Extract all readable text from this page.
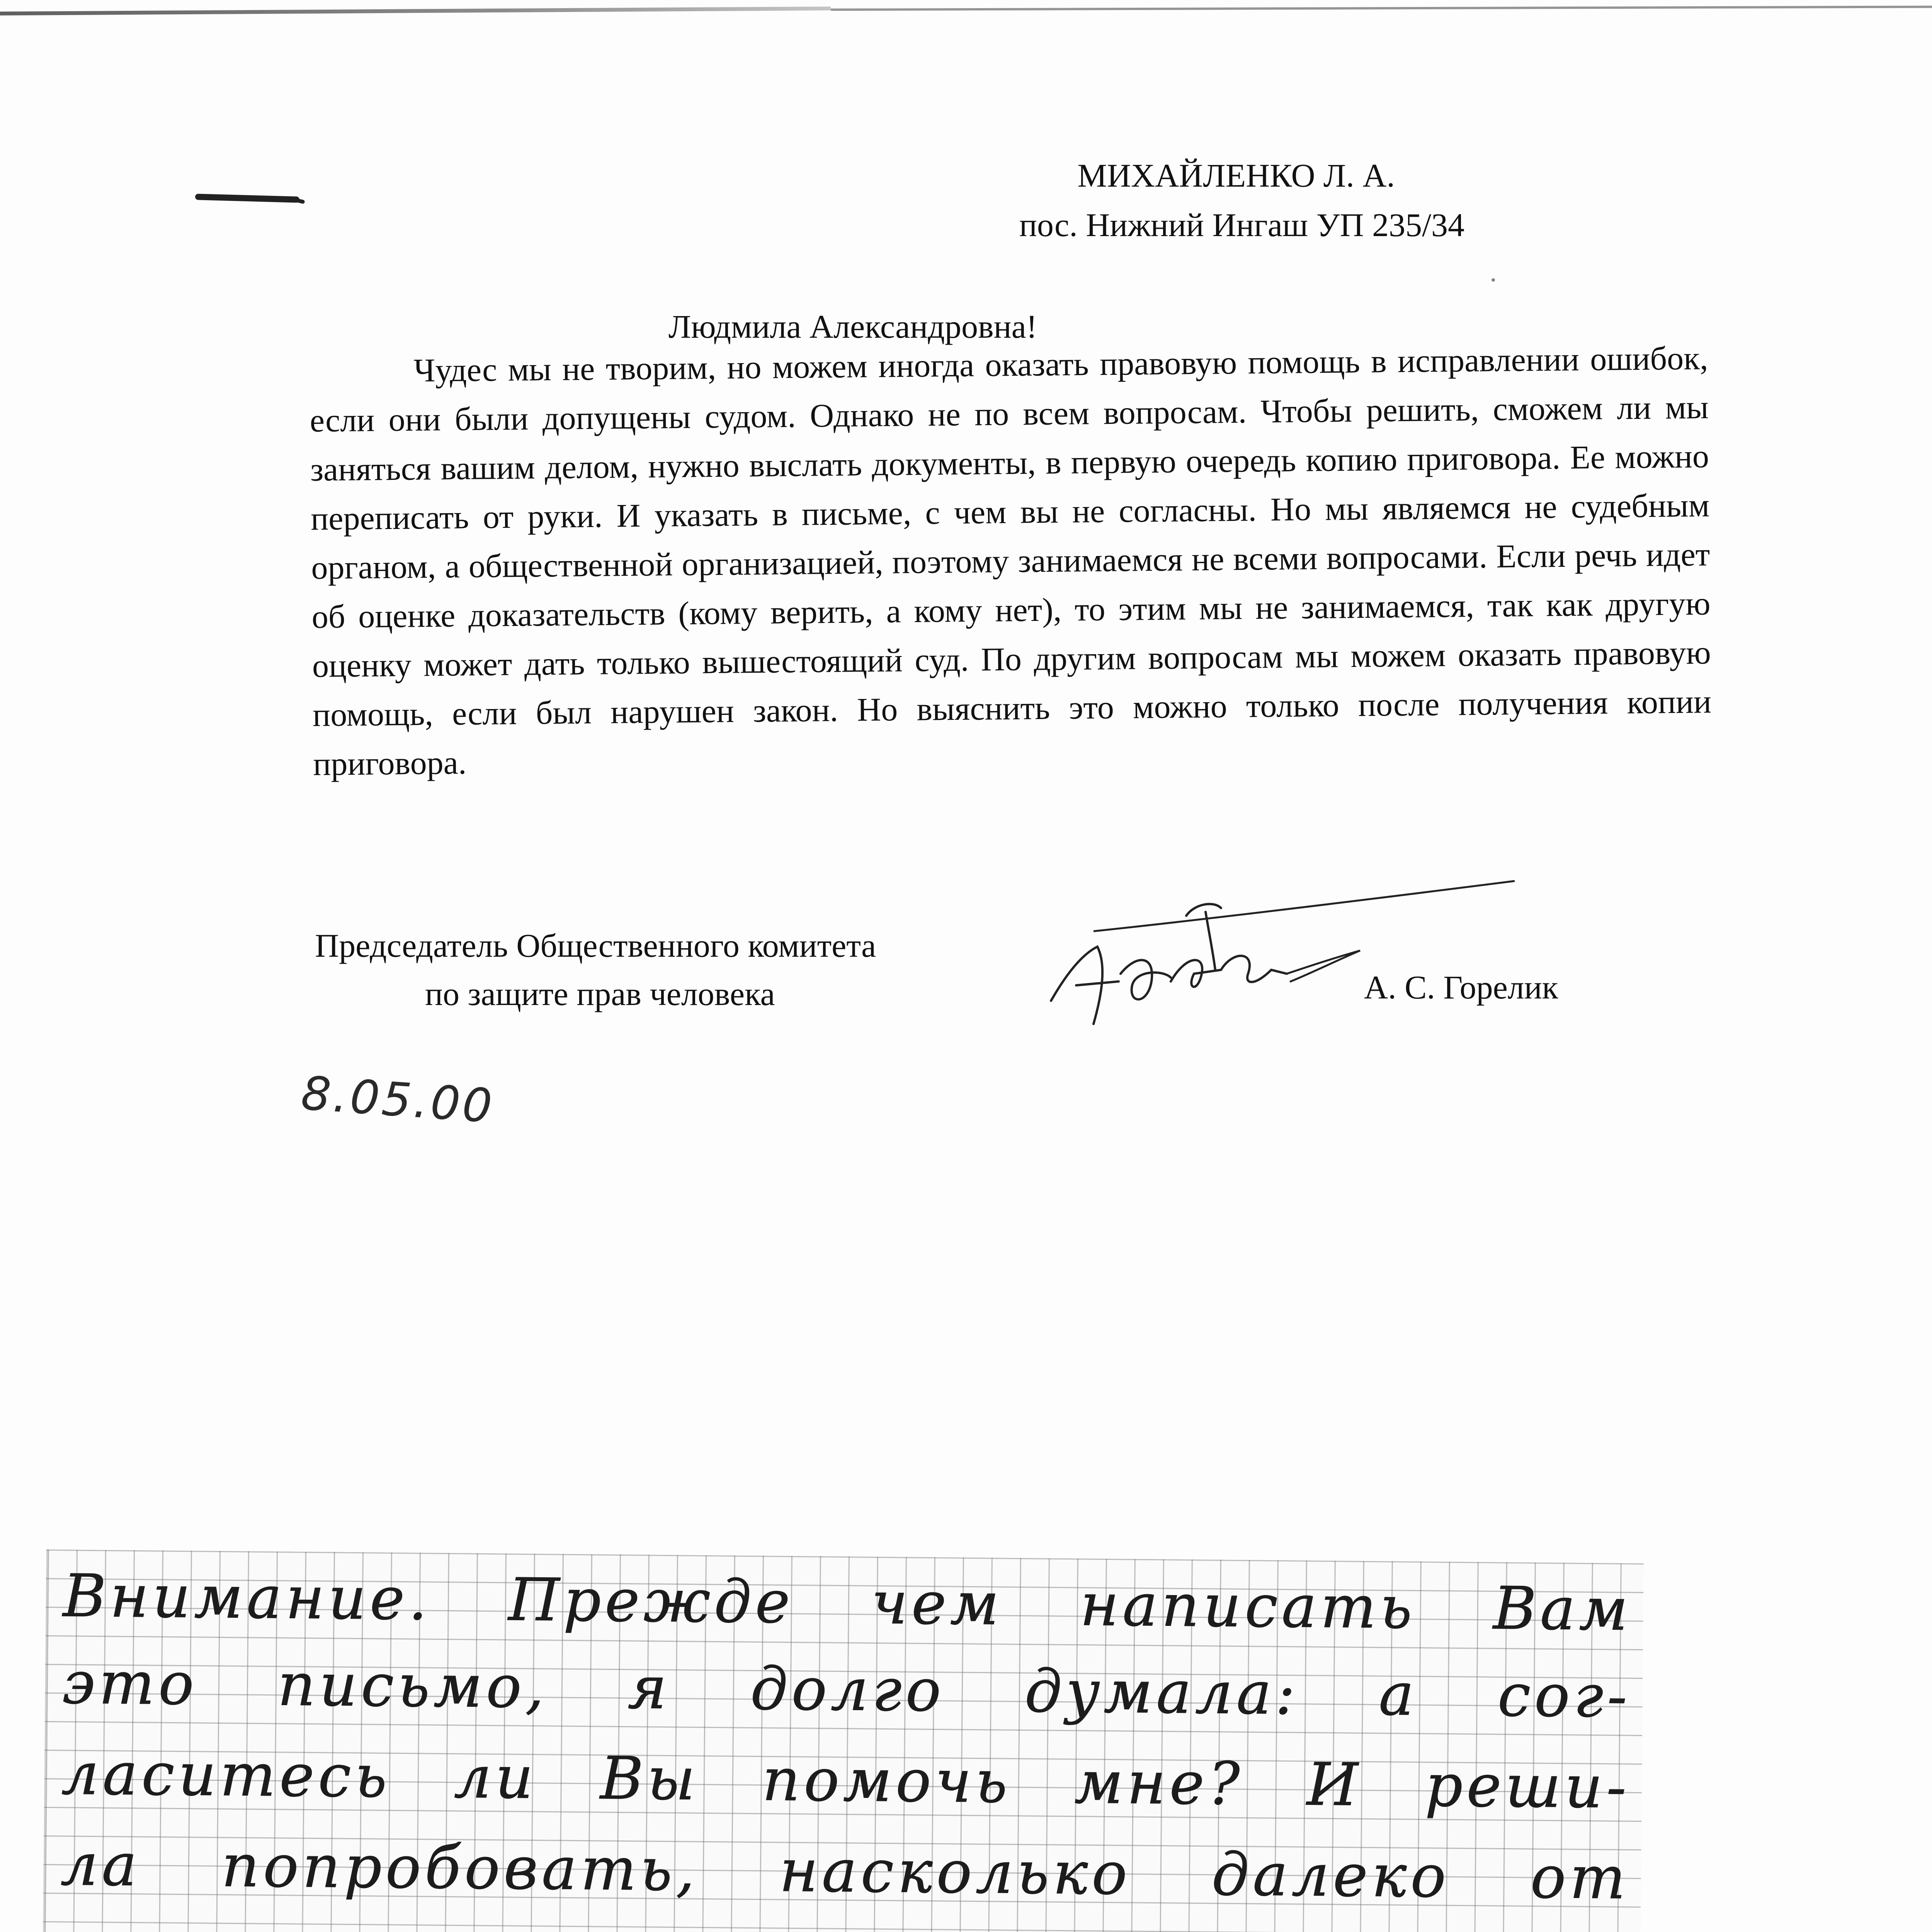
МИХАЙЛЕНКО Л. А.
пос. Нижний Ингаш УП 235/34
Людмила Александровна!
Чудес мы не творим, но можем иногда оказать правовую помощь в исправлении ошибок, если они были допущены судом. Однако не по всем вопросам. Чтобы решить, сможем ли мы заняться вашим делом, нужно выслать документы, в первую очередь копию приговора. Ее можно переписать от руки. И указать в письме, с чем вы не согласны. Но мы являемся не судебным органом, а общественной организацией, поэтому занимаемся не всеми вопросами. Если речь идет об оценке доказательств (кому верить, а кому нет), то этим мы не занимаемся, так как другую оценку может дать только вышестоящий суд. По другим вопросам мы можем оказать правовую помощь, если был нарушен закон. Но выяснить это можно только после получения копии приговора.
Председатель Общественного комитета
по защите прав человека	А. С. Горелик
8.05.00
Внимание. Прежде чем написать Вам
это письмо, я долго думала: а сог-
ласитесь ли Вы помочь мне? И реши-
ла попробовать, насколько далеко от
